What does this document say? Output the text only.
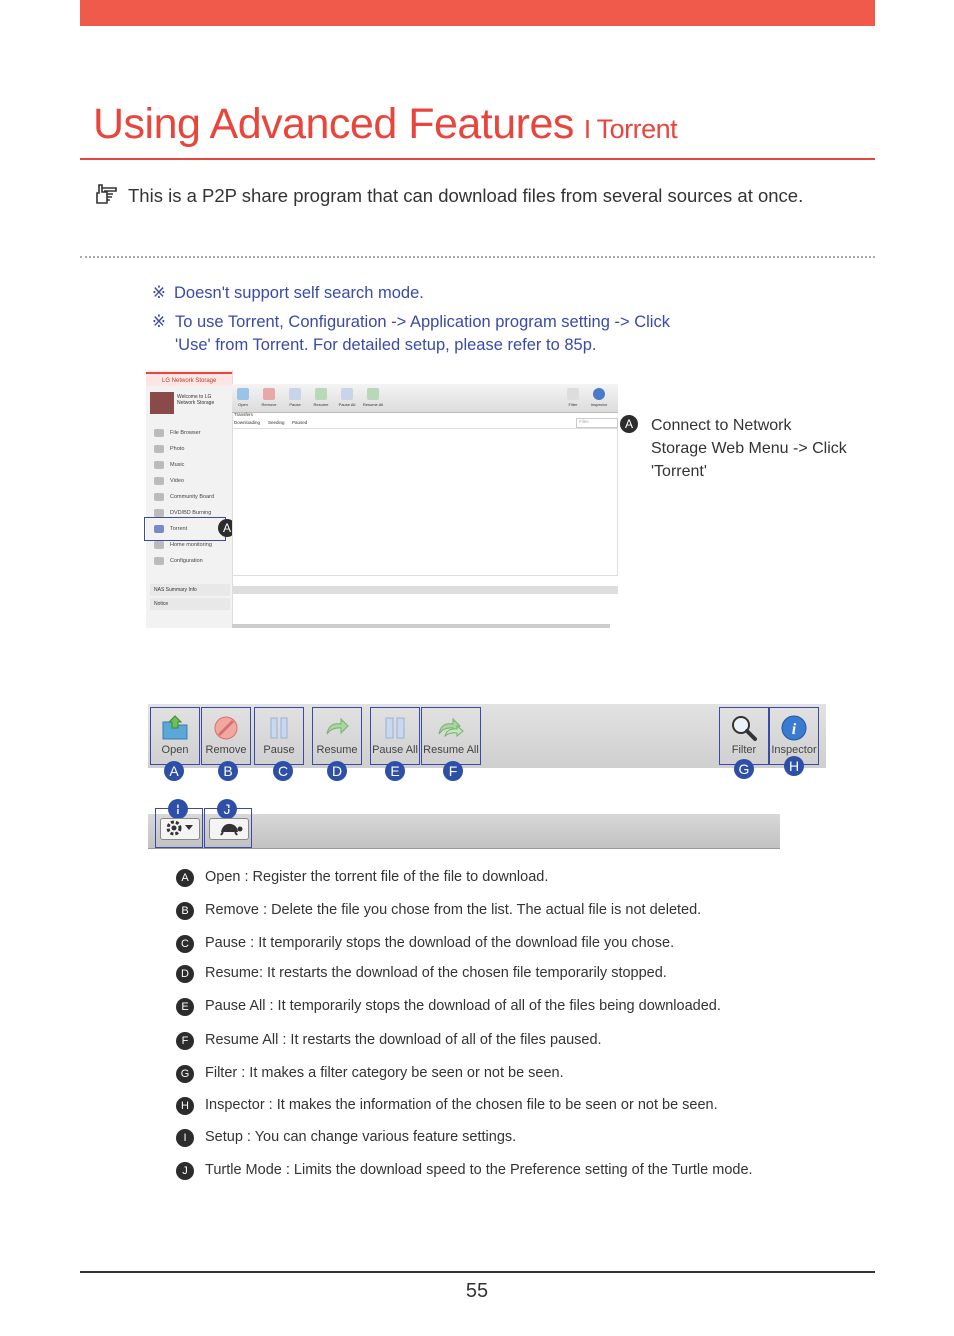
Using Advanced Features I Torrent
This is a P2P share program that can download files from several sources at once.
※ Doesn't support self search mode.
※ To use Torrent, Configuration -> Application program setting -> Click 'Use' from Torrent. For detailed setup, please refer to 85p.
LG Network Storage
Welcome to LG Network Storage
File Browser
Photo
Music
Video
Community Board
DVD/BD Burning
Torrent
Home monitoring
Configuration
A
NAS Summary Info
Notice
Open	Remove	Pause	Resume	Pause All	Resume All	Filter	Inspector
Transfers
Downloading Seeding Paused	Filter	A	Connect to Network Storage Web Menu -> Click 'Torrent'
Open	Remove	Pause	Resume	Pause All Resume All	Filter
i
Inspector
A	B	C	D	E	F	G	H
I	J
A Open : Register the torrent file of the file to download.
B Remove : Delete the file you chose from the list. The actual file is not deleted.
C Pause : It temporarily stops the download of the download file you chose.
D Resume: It restarts the download of the chosen file temporarily stopped.
E Pause All : It temporarily stops the download of all of the files being downloaded.
F Resume All : It restarts the download of all of the files paused.
G Filter : It makes a filter category be seen or not be seen.
H Inspector : It makes the information of the chosen file to be seen or not be seen.
I Setup : You can change various feature settings.
J Turtle Mode : Limits the download speed to the Preference setting of the Turtle mode.
55
